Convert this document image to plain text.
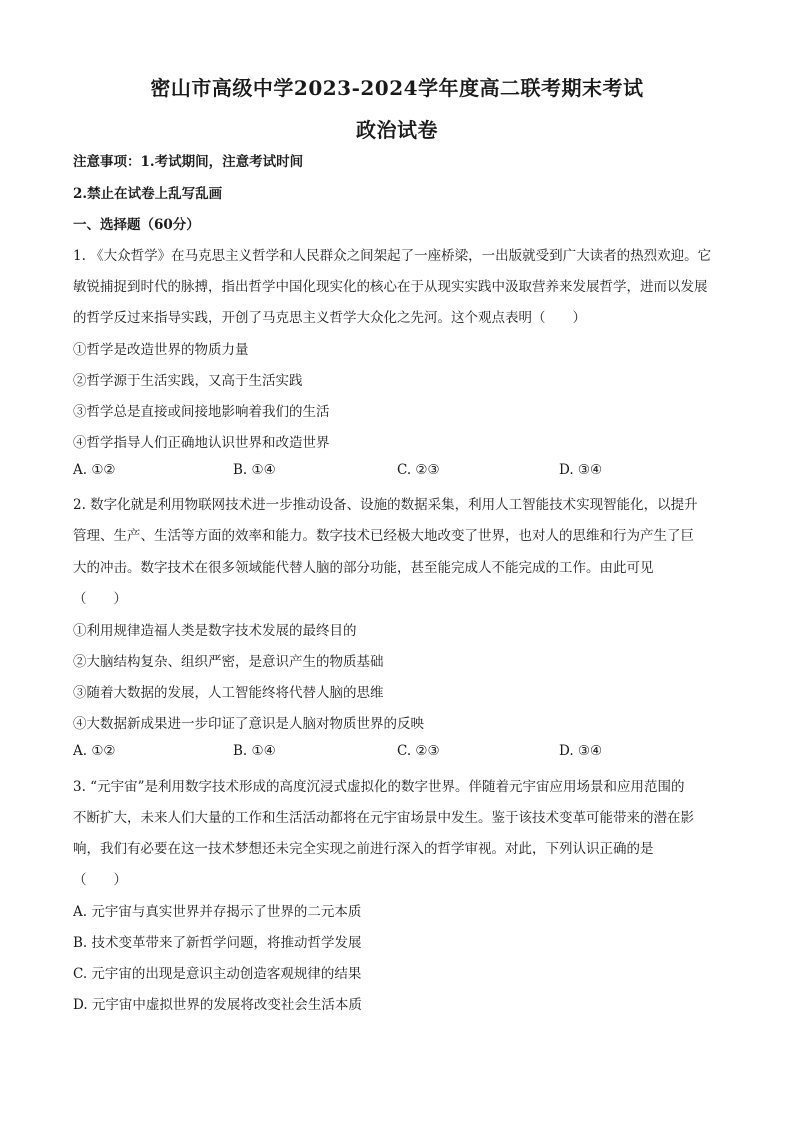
密山市高级中学2023-2024学年度高二联考期末考试
政治试卷
注意事项：1.考试期间，注意考试时间
2.禁止在试卷上乱写乱画
一、选择题（60分）
1. 《大众哲学》在马克思主义哲学和人民群众之间架起了一座桥梁，一出版就受到广大读者的热烈欢迎。它
敏锐捕捉到时代的脉搏，指出哲学中国化现实化的核心在于从现实实践中汲取营养来发展哲学，进而以发展
的哲学反过来指导实践，开创了马克思主义哲学大众化之先河。这个观点表明（　　）
①哲学是改造世界的物质力量
②哲学源于生活实践，又高于生活实践
③哲学总是直接或间接地影响着我们的生活
④哲学指导人们正确地认识世界和改造世界
A. ①②	B. ①④	C. ②③	D. ③④
2. 数字化就是利用物联网技术进一步推动设备、设施的数据采集，利用人工智能技术实现智能化，以提升
管理、生产、生活等方面的效率和能力。数字技术已经极大地改变了世界，也对人的思维和行为产生了巨
大的冲击。数字技术在很多领域能代替人脑的部分功能，甚至能完成人不能完成的工作。由此可见
（　　）
①利用规律造福人类是数字技术发展的最终目的
②大脑结构复杂、组织严密，是意识产生的物质基础
③随着大数据的发展，人工智能终将代替人脑的思维
④大数据新成果进一步印证了意识是人脑对物质世界的反映
A. ①②	B. ①④	C. ②③	D. ③④
3. “元宇宙”是利用数字技术形成的高度沉浸式虚拟化的数字世界。伴随着元宇宙应用场景和应用范围的
不断扩大，未来人们大量的工作和生活活动都将在元宇宙场景中发生。鉴于该技术变革可能带来的潜在影
响，我们有必要在这一技术梦想还未完全实现之前进行深入的哲学审视。对此，下列认识正确的是
（　　）
A. 元宇宙与真实世界并存揭示了世界的二元本质
B. 技术变革带来了新哲学问题，将推动哲学发展
C. 元宇宙的出现是意识主动创造客观规律的结果
D. 元宇宙中虚拟世界的发展将改变社会生活本质
